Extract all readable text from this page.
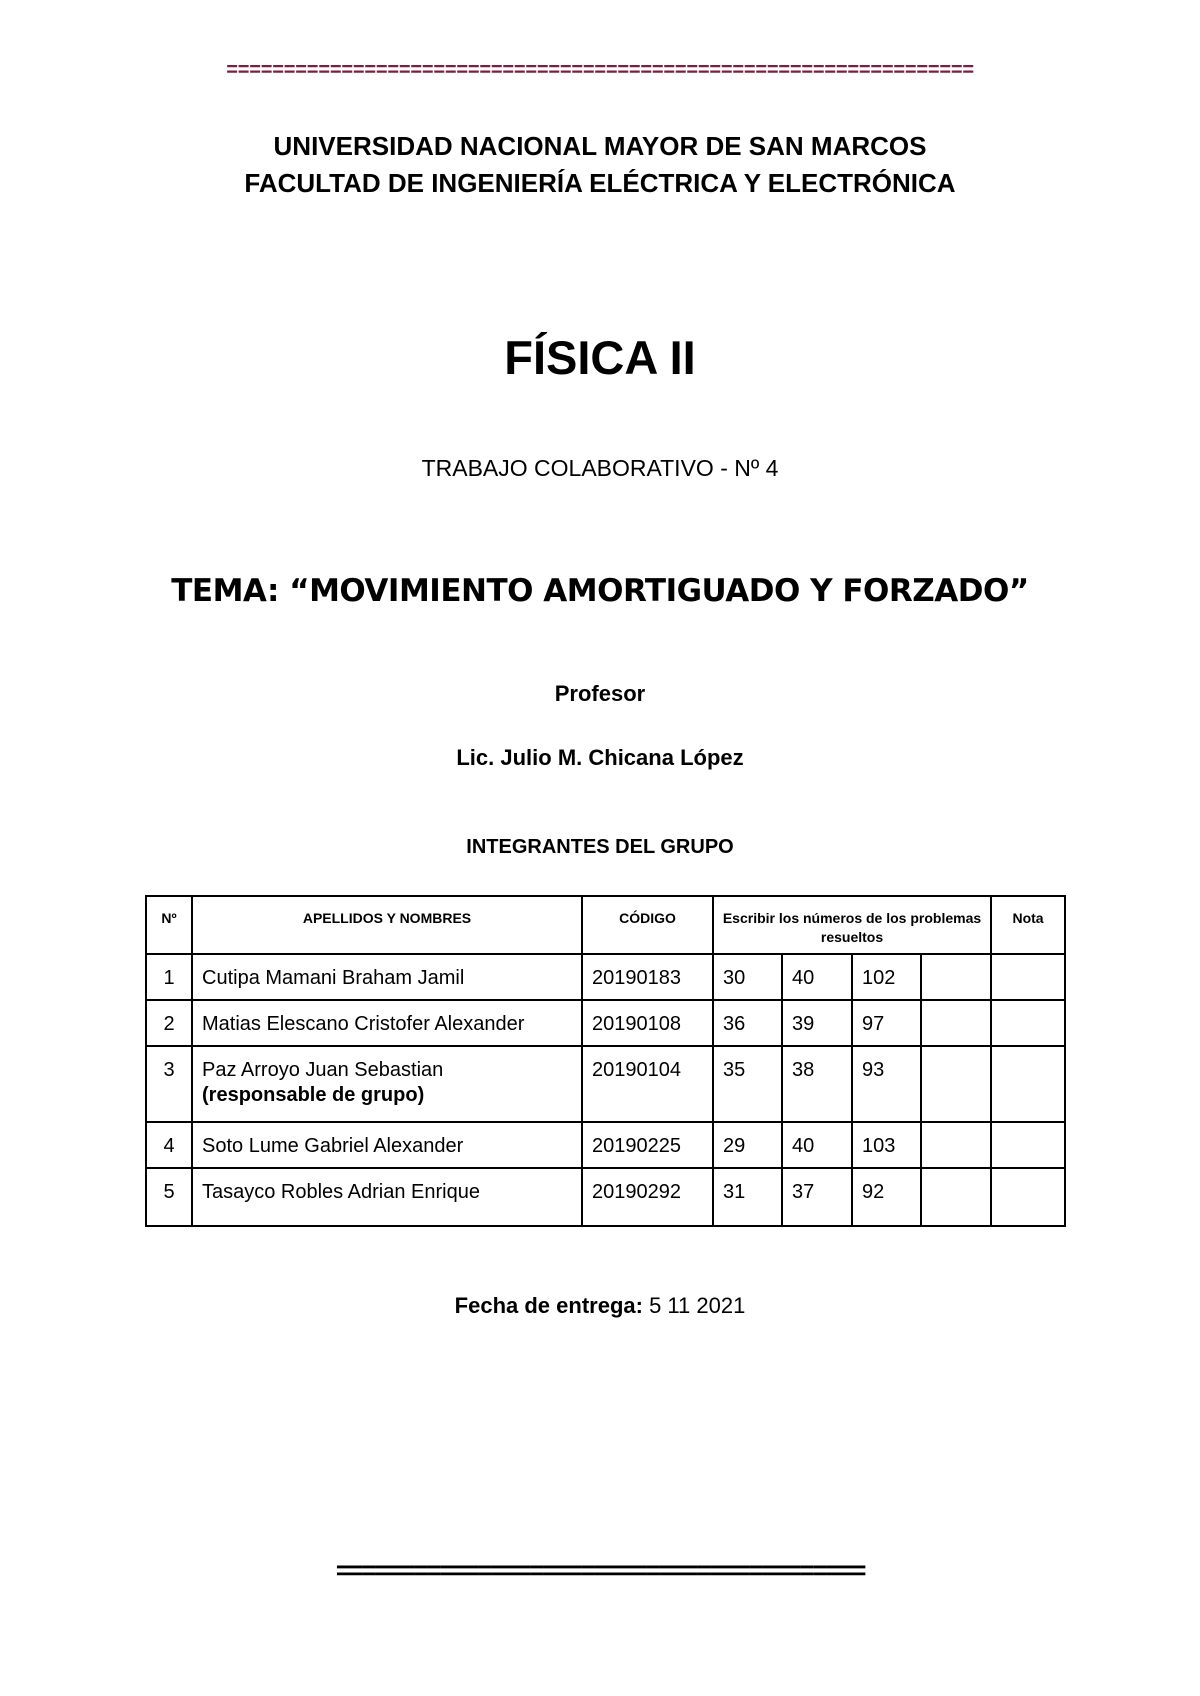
=================================================================
UNIVERSIDAD NACIONAL MAYOR DE SAN MARCOS
FACULTAD DE INGENIERÍA ELÉCTRICA Y ELECTRÓNICA
FÍSICA II
TRABAJO COLABORATIVO - Nº 4
TEMA: “MOVIMIENTO AMORTIGUADO Y FORZADO”
Profesor
Lic. Julio M. Chicana López
INTEGRANTES DEL GRUPO
Nº	APELLIDOS Y NOMBRES	CÓDIGO	Escribir los números de los problemas resueltos				Nota
1	Cutipa Mamani Braham Jamil	20190183	30	40	102		
2	Matias Elescano Cristofer Alexander	20190108	36	39	97		
3	Paz Arroyo Juan Sebastian
(responsable de grupo)	20190104	35	38	93		
4	Soto Lume Gabriel Alexander	20190225	29	40	103		
5	Tasayco Robles Adrian Enrique	20190292	31	37	92		
Fecha de entrega: 5 11 2021
=========================================
